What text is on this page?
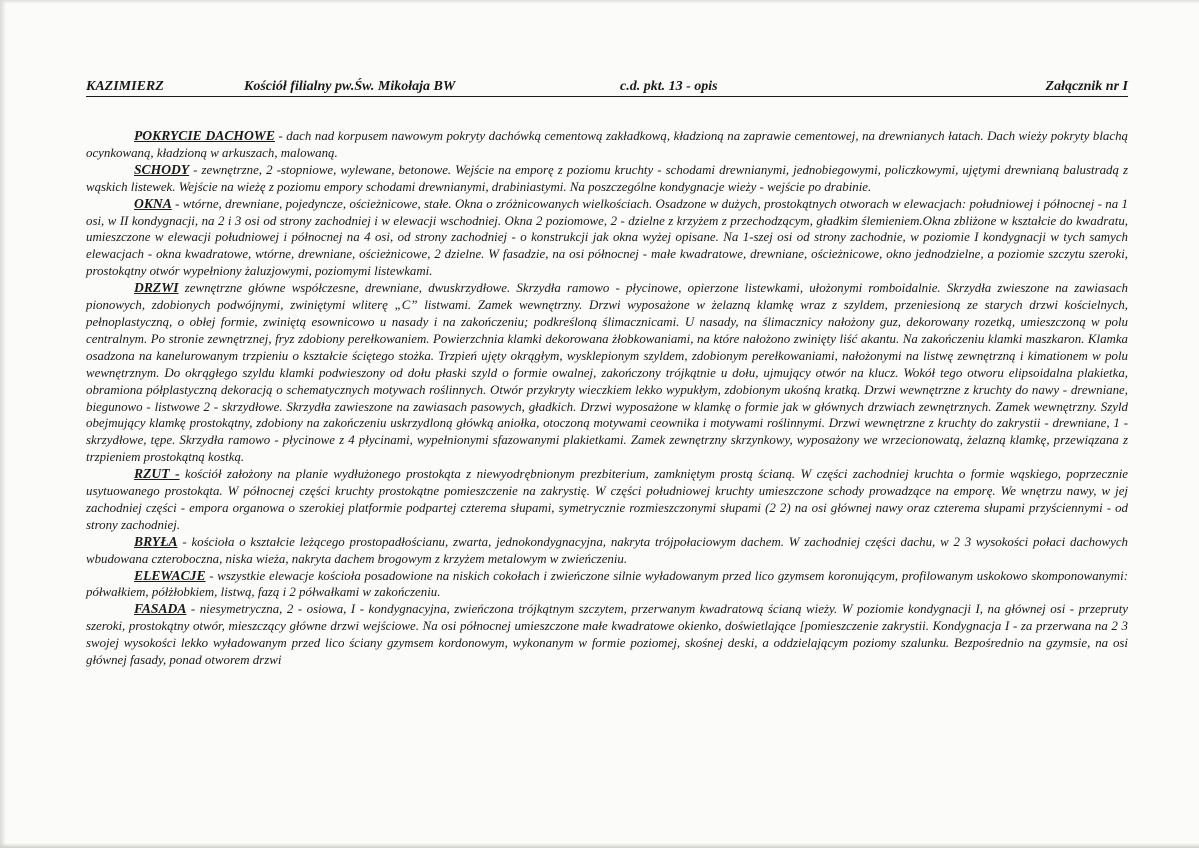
KAZIMIERZ	Kościół filialny pw.Św. Mikołaja BW	c.d. pkt. 13 - opis	Załącznik nr I

POKRYCIE DACHOWE - dach nad korpusem nawowym pokryty dachówką cementową zakładkową, kładzioną na zaprawie cementowej, na drewnianych łatach. Dach wieży pokryty blachą ocynkowaną, kładzioną w arkuszach, malowaną.

SCHODY - zewnętrzne, 2 -stopniowe, wylewane, betonowe. Wejście na emporę z poziomu kruchty - schodami drewnianymi, jednobiegowymi, policzkowymi, ujętymi drewnianą balustradą z wąskich listewek. Wejście na wieżę z poziomu empory schodami drewnianymi, drabiniastymi. Na poszczególne kondygnacje wieży - wejście po drabinie.

OKNA - wtórne, drewniane, pojedyncze, ościeżnicowe, stałe. Okna o zróżnicowanych wielkościach. Osadzone w dużych, prostokątnych otworach w elewacjach: południowej i północnej - na 1 osi, w II kondygnacji, na 2 i 3 osi od strony zachodniej i w elewacji wschodniej. Okna 2 poziomowe, 2 - dzielne z krzyżem z przechodzącym, gładkim ślemieniem.Okna zbliżone w kształcie do kwadratu, umieszczone w elewacji południowej i północnej na 4 osi, od strony zachodniej - o konstrukcji jak okna wyżej opisane. Na 1-szej osi od strony zachodnie, w poziomie I kondygnacji w tych samych elewacjach - okna kwadratowe, wtórne, drewniane, ościeżnicowe, 2 dzielne. W fasadzie, na osi północnej - małe kwadratowe, drewniane, ościeżnicowe, okno jednodzielne, a poziomie szczytu szeroki, prostokątny otwór wypełniony żaluzjowymi, poziomymi listewkami.

DRZWI zewnętrzne główne współczesne, drewniane, dwuskrzydłowe. Skrzydła ramowo - płycinowe, opierzone listewkami, ułożonymi romboidalnie. Skrzydła zwieszone na zawiasach pionowych, zdobionych podwójnymi, zwiniętymi wliterę „C” listwami. Zamek wewnętrzny. Drzwi wyposażone w żelazną klamkę wraz z szyldem, przeniesioną ze starych drzwi kościelnych, pełnoplastyczną, o obłej formie, zwiniętą esownicowo u nasady i na zakończeniu; podkreśloną ślimacznicami. U nasady, na ślimacznicy nałożony guz, dekorowany rozetką, umieszczoną w polu centralnym. Po stronie zewnętrznej, fryz zdobiony perełkowaniem. Powierzchnia klamki dekorowana żłobkowaniami, na które nałożono zwinięty liść akantu. Na zakończeniu klamki maszkaron. Klamka osadzona na kanelurowanym trzpieniu o kształcie ściętego stożka. Trzpień ujęty okrągłym, wysklepionym szyldem, zdobionym perełkowaniami, nałożonymi na listwę zewnętrzną i kimationem w polu wewnętrznym. Do okrągłego szyldu klamki podwieszony od dołu płaski szyld o formie owalnej, zakończony trójkątnie u dołu, ujmujący otwór na klucz. Wokół tego otworu elipsoidalna plakietka, obramiona półplastyczną dekoracją o schematycznych motywach roślinnych. Otwór przykryty wieczkiem lekko wypukłym, zdobionym ukośną kratką. Drzwi wewnętrzne z kruchty do nawy - drewniane, biegunowo - listwowe 2 - skrzydłowe. Skrzydła zawieszone na zawiasach pasowych, gładkich. Drzwi wyposażone w klamkę o formie jak w głównych drzwiach zewnętrznych. Zamek wewnętrzny. Szyld obejmujący klamkę prostokątny, zdobiony na zakończeniu uskrzydloną główką aniołka, otoczoną motywami ceownika i motywami roślinnymi. Drzwi wewnętrzne z kruchty do zakrystii - drewniane, 1 - skrzydłowe, tępe. Skrzydła ramowo - płycinowe z 4 płycinami, wypełnionymi sfazowanymi plakietkami. Zamek zewnętrzny skrzynkowy, wyposażony we wrzecionowatą, żelazną klamkę, przewiązana z trzpieniem prostokątną kostką.

RZUT - kościół założony na planie wydłużonego prostokąta z niewyodrębnionym prezbiterium, zamkniętym prostą ścianą. W części zachodniej kruchta o formie wąskiego, poprzecznie usytuowanego prostokąta. W północnej części kruchty prostokątne pomieszczenie na zakrystię. W części południowej kruchty umieszczone schody prowadzące na emporę. We wnętrzu nawy, w jej zachodniej części - empora organowa o szerokiej platformie podpartej czterema słupami, symetrycznie rozmieszczonymi słupami (2 2) na osi głównej nawy oraz czterema słupami przyściennymi - od strony zachodniej.

BRYŁA - kościoła o kształcie leżącego prostopadłościanu, zwarta, jednokondygnacyjna, nakryta trójpołaciowym dachem. W zachodniej części dachu, w 2 3 wysokości połaci dachowych wbudowana czteroboczna, niska wieża, nakryta dachem brogowym z krzyżem metalowym w zwieńczeniu.

ELEWACJE - wszystkie elewacje kościoła posadowione na niskich cokołach i zwieńczone silnie wyładowanym przed lico gzymsem koronującym, profilowanym uskokowo skomponowanymi: półwałkiem, półżłobkiem, listwą, fazą i 2 półwałkami w zakończeniu.

FASADA - niesymetryczna, 2 - osiowa, I - kondygnacyjna, zwieńczona trójkątnym szczytem, przerwanym kwadratową ścianą wieży. W poziomie kondygnacji I, na głównej osi - przepruty szeroki, prostokątny otwór, mieszczący główne drzwi wejściowe. Na osi północnej umieszczone małe kwadratowe okienko, doświetlające [pomieszczenie zakrystii. Kondygnacja I - za przerwana na 2 3 swojej wysokości lekko wyładowanym przed lico ściany gzymsem kordonowym, wykonanym w formie poziomej, skośnej deski, a oddzielającym poziomy szalunku. Bezpośrednio na gzymsie, na osi głównej fasady, ponad otworem drzwi
